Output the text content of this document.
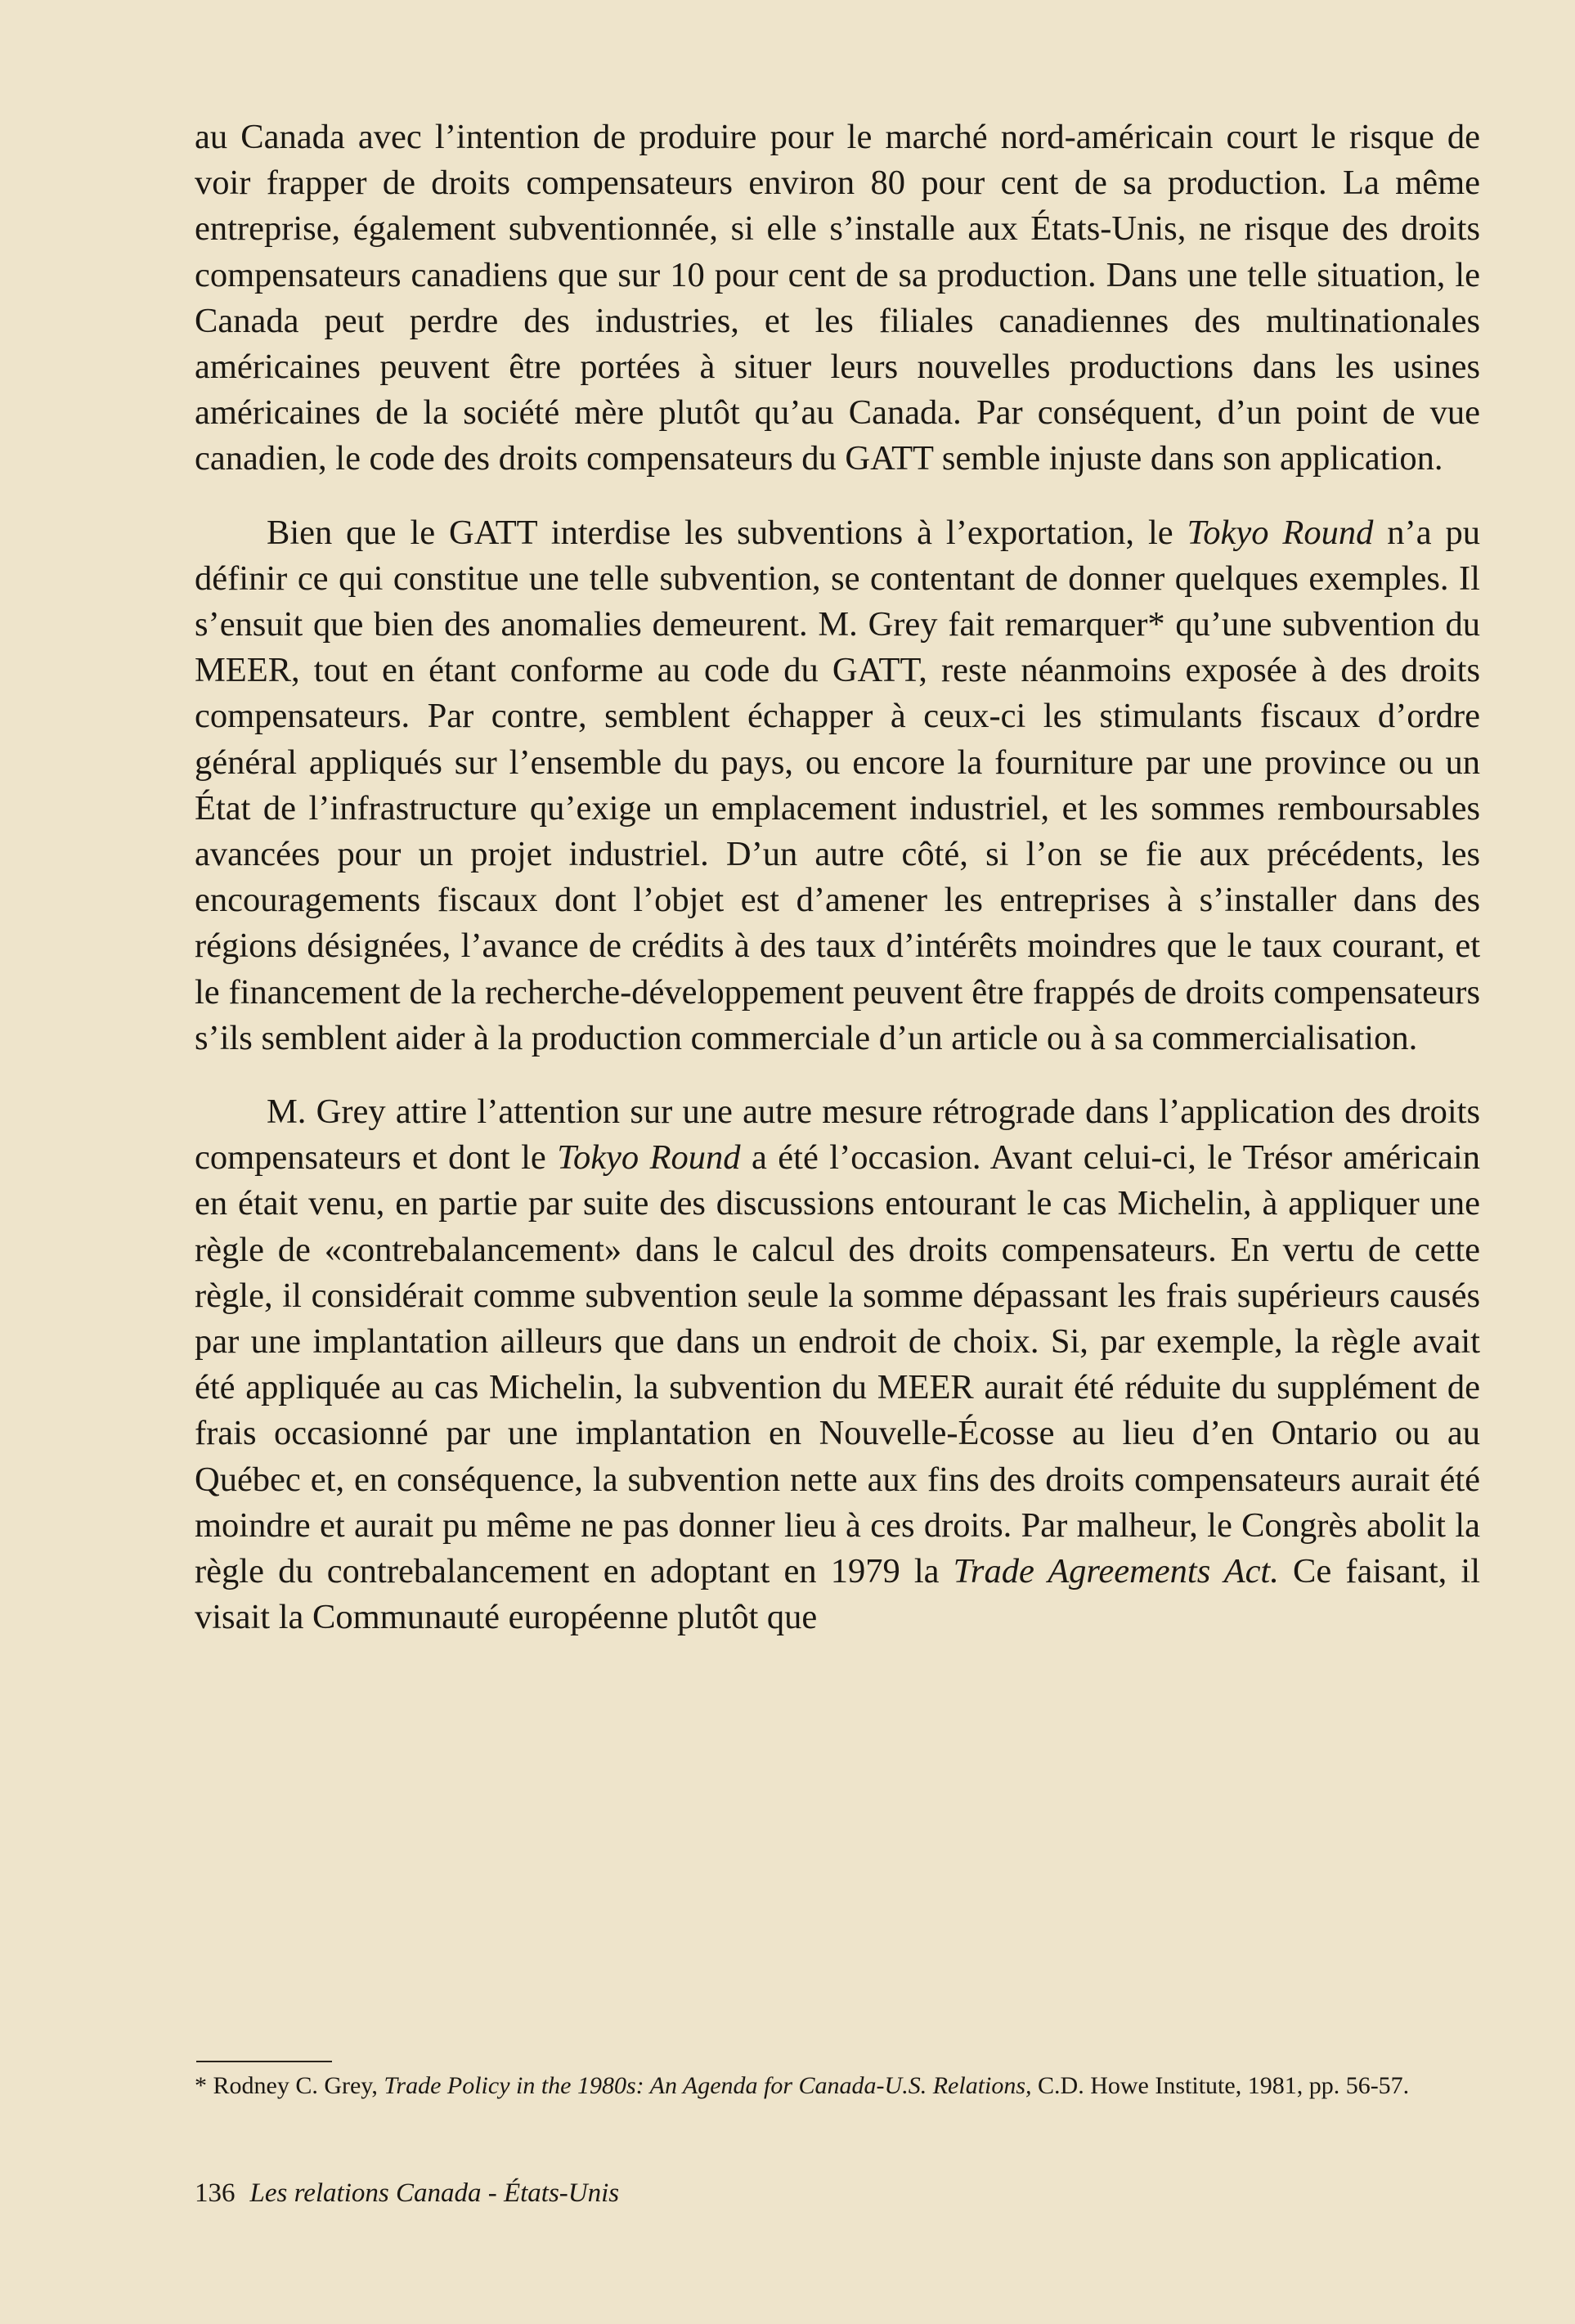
au Canada avec l’intention de produire pour le marché nord-américain court le risque de voir frapper de droits compensateurs environ 80 pour cent de sa production. La même entreprise, également subventionnée, si elle s’installe aux États-Unis, ne risque des droits compensateurs canadiens que sur 10 pour cent de sa production. Dans une telle situation, le Canada peut perdre des industries, et les filiales canadiennes des multinationales américaines peuvent être portées à situer leurs nouvelles productions dans les usines américaines de la société mère plutôt qu’au Canada. Par conséquent, d’un point de vue canadien, le code des droits compensateurs du GATT semble injuste dans son application.

Bien que le GATT interdise les subventions à l’exportation, le Tokyo Round n’a pu définir ce qui constitue une telle subvention, se contentant de donner quelques exemples. Il s’ensuit que bien des anomalies demeurent. M. Grey fait remarquer* qu’une subvention du MEER, tout en étant conforme au code du GATT, reste néanmoins exposée à des droits compensateurs. Par contre, semblent échapper à ceux-ci les stimulants fiscaux d’ordre général appliqués sur l’ensemble du pays, ou encore la fourniture par une province ou un État de l’infrastructure qu’exige un emplacement industriel, et les sommes remboursables avancées pour un projet industriel. D’un autre côté, si l’on se fie aux précédents, les encouragements fiscaux dont l’objet est d’amener les entreprises à s’installer dans des régions désignées, l’avance de crédits à des taux d’intérêts moindres que le taux courant, et le financement de la recherche-développement peuvent être frappés de droits compensateurs s’ils semblent aider à la production commerciale d’un article ou à sa commercialisation.

M. Grey attire l’attention sur une autre mesure rétrograde dans l’application des droits compensateurs et dont le Tokyo Round a été l’occasion. Avant celui-ci, le Trésor américain en était venu, en partie par suite des discussions entourant le cas Michelin, à appliquer une règle de «contrebalancement» dans le calcul des droits compensateurs. En vertu de cette règle, il considérait comme subvention seule la somme dépassant les frais supérieurs causés par une implantation ailleurs que dans un endroit de choix. Si, par exemple, la règle avait été appliquée au cas Michelin, la subvention du MEER aurait été réduite du supplément de frais occasionné par une implantation en Nouvelle-Écosse au lieu d’en Ontario ou au Québec et, en conséquence, la subvention nette aux fins des droits compensateurs aurait été moindre et aurait pu même ne pas donner lieu à ces droits. Par malheur, le Congrès abolit la règle du contrebalancement en adoptant en 1979 la Trade Agreements Act. Ce faisant, il visait la Communauté européenne plutôt que

* Rodney C. Grey, Trade Policy in the 1980s: An Agenda for Canada-U.S. Relations, C.D. Howe Institute, 1981, pp. 56-57.

136 Les relations Canada - États-Unis
